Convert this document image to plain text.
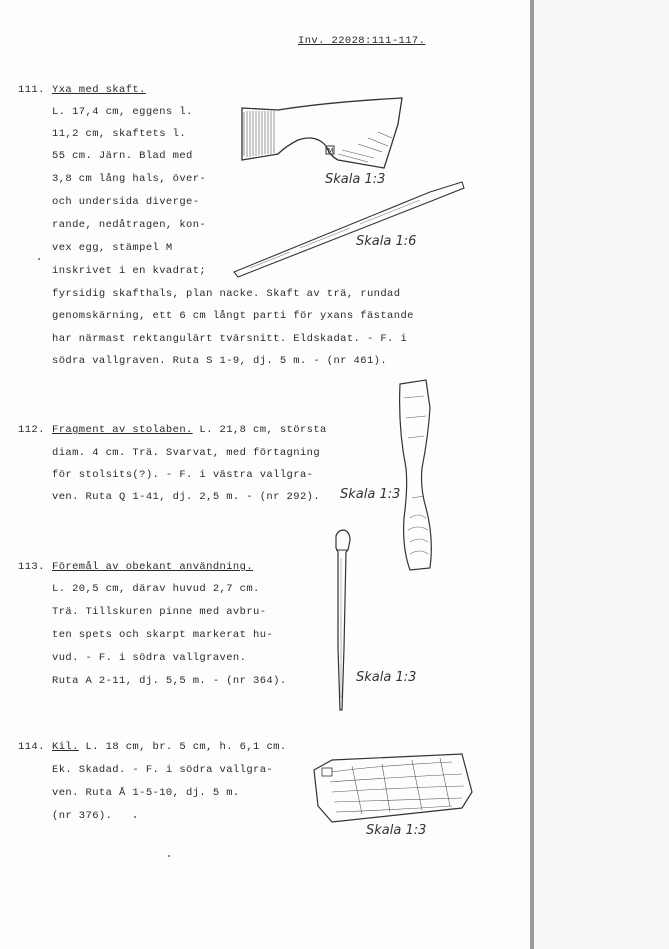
Inv. 22028:111-117.
111. Yxa med skaft.
L. 17,4 cm, eggens l.
11,2 cm, skaftets l.
55 cm. Järn. Blad med
3,8 cm lång hals, över-
och undersida diverge-
rande, nedåtragen, kon-
vex egg, stämpel M
inskrivet i en kvadrat;
fyrsidig skafthals, plan nacke. Skaft av trä, rundad
genomskärning, ett 6 cm långt parti för yxans fästande
har närmast rektangulärt tvärsnitt. Eldskadat. - F. i
södra vallgraven. Ruta S 1-9, dj. 5 m. - (nr 461).
M
Skala 1:3
Skala 1:6
112. Fragment av stolaben. L. 21,8 cm, största
diam. 4 cm. Trä. Svarvat, med förtagning
för stolsits(?). - F. i västra vallgra-
ven. Ruta Q 1-41, dj. 2,5 m. - (nr 292). Skala 1:3
113. Föremål av obekant användning.
L. 20,5 cm, därav huvud 2,7 cm.
Trä. Tillskuren pinne med avbru-
ten spets och skarpt markerat hu-
vud. - F. i södra vallgraven.
Ruta A 2-11, dj. 5,5 m. - (nr 364).	Skala 1:3
114. Kil. L. 18 cm, br. 5 cm, h. 6,1 cm.
Ek. Skadad. - F. i södra vallgra-
ven. Ruta Å 1-5-10, dj. 5 m.
(nr 376).
Skala 1:3
